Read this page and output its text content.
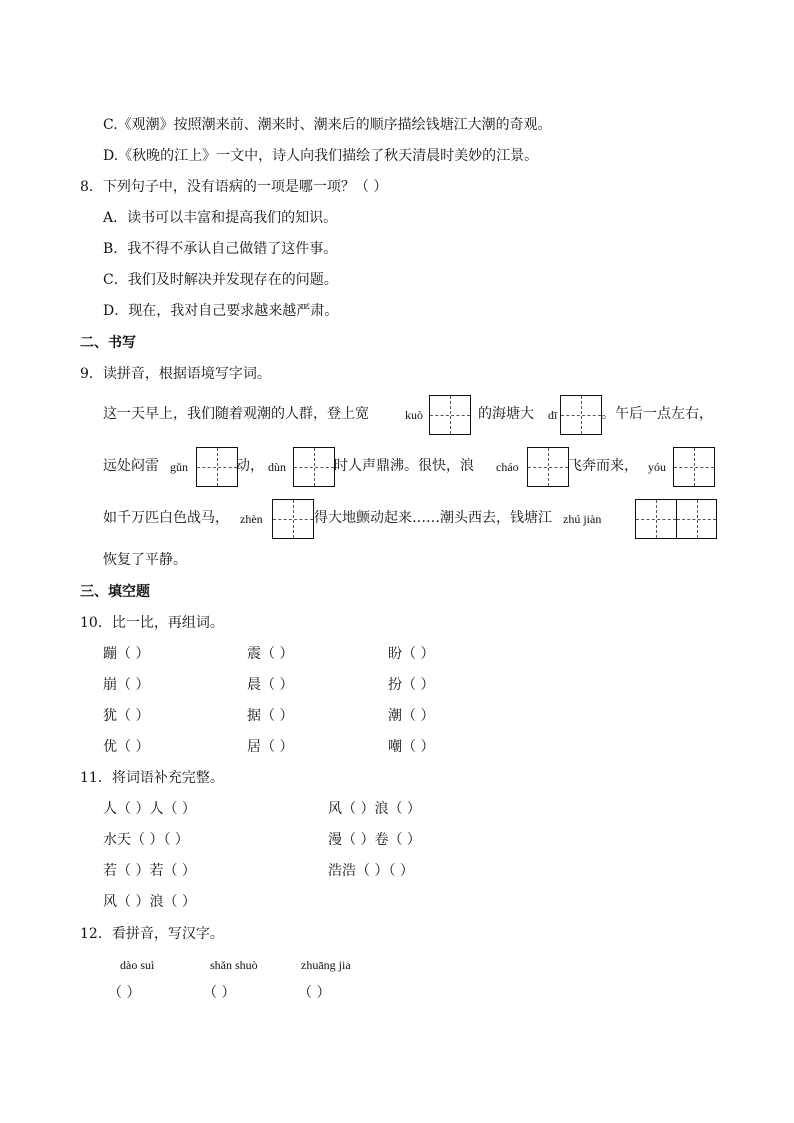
C.《观潮》按照潮来前、潮来时、潮来后的顺序描绘钱塘江大潮的奇观。
D.《秋晚的江上》一文中，诗人向我们描绘了秋天清晨时美妙的江景。
8．下列句子中，没有语病的一项是哪一项？（ ）
A．读书可以丰富和提高我们的知识。
B．我不得不承认自己做错了这件事。
C．我们及时解决并发现存在的问题。
D．现在，我对自己要求越来越严肃。
二、书写
9．读拼音，根据语境写字词。
这一天早上，我们随着观潮的人群，登上宽	kuò	的海塘大 dī	。午后一点左右，
远处闷雷 gǔn	动， dùn	时人声鼎沸。很快，浪 cháo	飞奔而来， yóu
如千万匹白色战马， zhèn	得大地颤动起来……潮头西去，钱塘江 zhú jiàn
恢复了平静。
三、填空题
10．比一比，再组词。
蹦（ ）	震（ ）	盼（ ）
崩（ ）	晨（ ）	扮（ ）
犹（ ）	据（ ）	潮（ ）
优（ ）	居（ ）	嘲（ ）
11．将词语补充完整。
人（ ）人（ ）	风（ ）浪（ ）
水天（ ）（ ）	漫（ ）卷（ ）
若（ ）若（ ）	浩浩（ ）（ ）
风（ ）浪（ ）
12．看拼音，写汉字。
dào suì	shǎn shuò	zhuāng jia
（ ）	（ ）	（ ）
